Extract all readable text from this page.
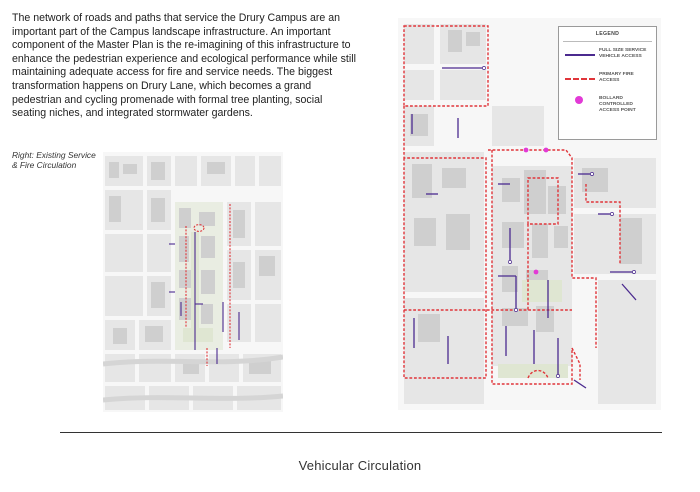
The network of roads and paths that service the Drury Campus are an important part of the Campus landscape infrastructure. An important component of the Master Plan is the re-imagining of this infrastructure to enhance the pedestrian experience and ecological performance while still maintaining adequate access for fire and service needs. The biggest transformation happens on Drury Lane, which becomes a grand pedestrian and cycling promenade with formal tree planting, social seating niches, and integrated stormwater gardens.

Right: Existing Service & Fire Circulation

LEGEND
FULL SIZE SERVICE VEHICLE ACCESS
PRIMARY FIRE ACCESS
BOLLARD CONTROLLED ACCESS POINT
Vehicular Circulation
